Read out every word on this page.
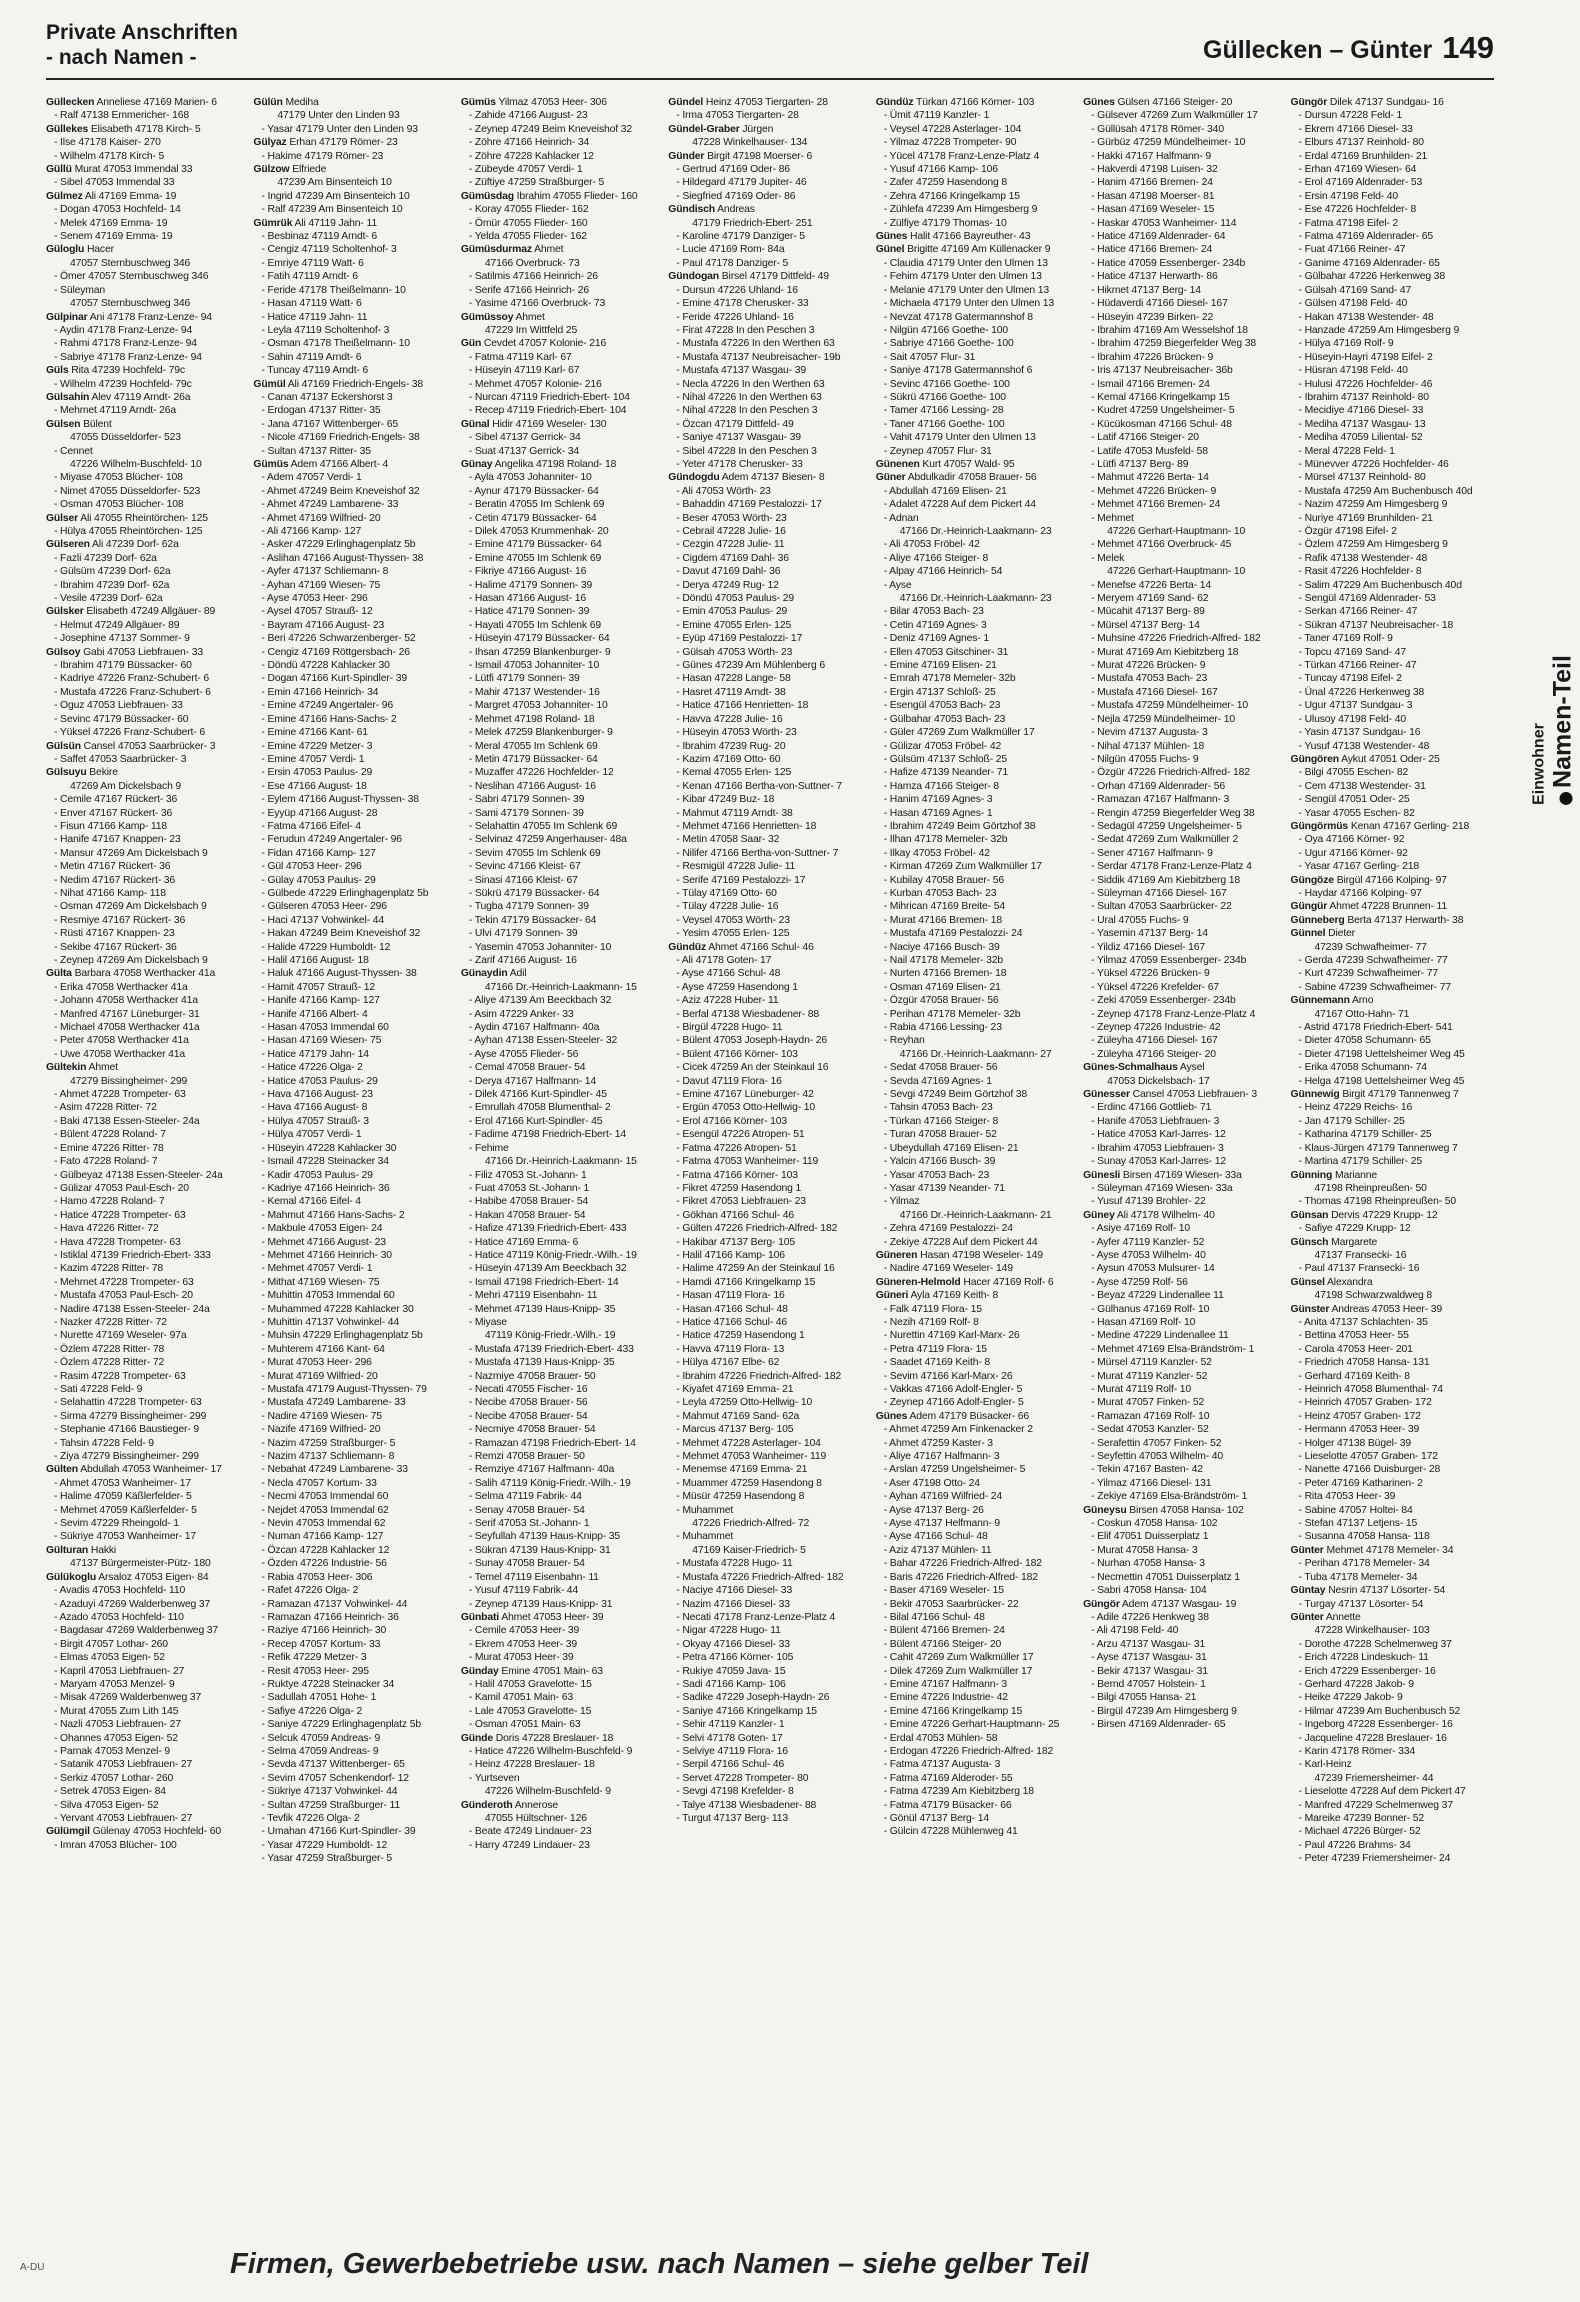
Private Anschriften
- nach Namen -	Güllecken – Günter 149
Güllecken Anneliese 47169 Marien- 6
- Ralf 47138 Emmericher- 168
Güllekes Elisabeth 47178 Kirch- 5
- Ilse 47178 Kaiser- 270
- Wilhelm 47178 Kirch- 5
Güllü Murat 47053 Immendal 33
- Sibel 47053 Immendal 33
Gülmez Ali 47169 Emma- 19
- Dogan 47053 Hochfeld- 14
- Melek 47169 Emma- 19
- Senem 47169 Emma- 19
Güloglu Hacer
47057 Sternbuschweg 346
- Ömer 47057 Sternbuschweg 346
- Süleyman
47057 Sternbuschweg 346
Gülpinar Ani 47178 Franz-Lenze- 94
- Aydin 47178 Franz-Lenze- 94
- Rahmi 47178 Franz-Lenze- 94
- Sabriye 47178 Franz-Lenze- 94
Güls Rita 47239 Hochfeld- 79c
- Wilhelm 47239 Hochfeld- 79c
Gülsahin Alev 47119 Arndt- 26a
- Mehmet 47119 Arndt- 26a
Gülsen Bülent
47055 Düsseldorfer- 523
- Cennet
47226 Wilhelm-Buschfeld- 10
- Miyase 47053 Blücher- 108
- Nimet 47055 Düsseldorfer- 523
- Osman 47053 Blücher- 108
Gülser Ali 47055 Rheintörchen- 125
- Hülya 47055 Rheintörchen- 125
Gülseren Ali 47239 Dorf- 62a
- Fazli 47239 Dorf- 62a
- Gülsüm 47239 Dorf- 62a
- Ibrahim 47239 Dorf- 62a
- Vesile 47239 Dorf- 62a
Gülsker Elisabeth 47249 Allgäuer- 89
- Helmut 47249 Allgäuer- 89
- Josephine 47137 Sommer- 9
Gülsoy Gabi 47053 Liebfrauen- 33
- Ibrahim 47179 Büssacker- 60
- Kadriye 47226 Franz-Schubert- 6
- Mustafa 47226 Franz-Schubert- 6
- Oguz 47053 Liebfrauen- 33
- Sevinc 47179 Büssacker- 60
- Yüksel 47226 Franz-Schubert- 6
Gülsün Cansel 47053 Saarbrücker- 3
- Saffet 47053 Saarbrücker- 3
Gülsuyu Bekire
47269 Am Dickelsbach 9
- Cemile 47167 Rückert- 36
- Enver 47167 Rückert- 36
- Fisun 47166 Kamp- 118
- Hanife 47167 Knappen- 23
- Mansur 47269 Am Dickelsbach 9
- Metin 47167 Rückert- 36
- Nedim 47167 Rückert- 36
- Nihat 47166 Kamp- 118
- Osman 47269 Am Dickelsbach 9
- Resmiye 47167 Rückert- 36
- Rüsti 47167 Knappen- 23
- Sekibe 47167 Rückert- 36
- Zeynep 47269 Am Dickelsbach 9
Gülta Barbara 47058 Werthacker 41a
- Erika 47058 Werthacker 41a
- Johann 47058 Werthacker 41a
- Manfred 47167 Lüneburger- 31
- Michael 47058 Werthacker 41a
- Peter 47058 Werthacker 41a
- Uwe 47058 Werthacker 41a
Gültekin Ahmet
47279 Bissingheimer- 299
- Ahmet 47228 Trompeter- 63
- Asim 47228 Ritter- 72
- Baki 47138 Essen-Steeler- 24a
- Bülent 47228 Roland- 7
- Emine 47226 Ritter- 78
- Fato 47228 Roland- 7
- Gülbeyaz 47138 Essen-Steeler- 24a
- Gülizar 47053 Paul-Esch- 20
- Hamo 47228 Roland- 7
- Hatice 47228 Trompeter- 63
- Hava 47226 Ritter- 72
- Hava 47228 Trompeter- 63
- Istiklal 47139 Friedrich-Ebert- 333
- Kazim 47228 Ritter- 78
- Mehmet 47228 Trompeter- 63
- Mustafa 47053 Paul-Esch- 20
- Nadire 47138 Essen-Steeler- 24a
- Nazker 47228 Ritter- 72
- Nurette 47169 Weseler- 97a
- Özlem 47228 Ritter- 78
- Özlem 47228 Ritter- 72
- Rasim 47228 Trompeter- 63
- Sati 47228 Feld- 9
- Selahattin 47228 Trompeter- 63
- Sirma 47279 Bissingheimer- 299
- Stephanie 47166 Baustieger- 9
- Tahsin 47228 Feld- 9
- Ziya 47279 Bissingheimer- 299
Gülten Abdullah 47053 Wanheimer- 17
- Ahmet 47053 Wanheimer- 17
- Halime 47059 Käßlerfelder- 5
- Mehmet 47059 Käßlerfelder- 5
- Sevim 47229 Rheingold- 1
- Sükriye 47053 Wanheimer- 17
Gülturan Hakki
47137 Bürgermeister-Pütz- 180
Gülükoglu Arsaloz 47053 Eigen- 84
- Avadis 47053 Hochfeld- 110
- Azaduyi 47269 Walderbenweg 37
- Azado 47053 Hochfeld- 110
- Bagdasar 47269 Walderbenweg 37
- Birgit 47057 Lothar- 260
- Elmas 47053 Eigen- 52
- Kapril 47053 Liebfrauen- 27
- Maryam 47053 Menzel- 9
- Misak 47269 Walderbenweg 37
- Murat 47055 Zum Lith 145
- Nazli 47053 Liebfrauen- 27
- Ohannes 47053 Eigen- 52
- Parnak 47053 Menzel- 9
- Satanik 47053 Liebfrauen- 27
- Serkiz 47057 Lothar- 260
- Setrek 47053 Eigen- 84
- Silva 47053 Eigen- 52
- Yervant 47053 Liebfrauen- 27
Gülümgil Gülenay 47053 Hochfeld- 60
- Imran 47053 Blücher- 100
Gülün Mediha
47179 Unter den Linden 93
- Yasar 47179 Unter den Linden 93
Gülyaz Erhan 47179 Römer- 23
- Hakime 47179 Römer- 23
Gülzow Elfriede
47239 Am Binsenteich 10
- Ingrid 47239 Am Binsenteich 10
- Ralf 47239 Am Binsenteich 10
Gümrük Ali 47119 Jahn- 11
- Besbinaz 47119 Arndt- 6
- Cengiz 47119 Scholtenhof- 3
- Emriye 47119 Watt- 6
- Fatih 47119 Arndt- 6
- Feride 47178 Theißelmann- 10
- Hasan 47119 Watt- 6
- Hatice 47119 Jahn- 11
- Leyla 47119 Scholtenhof- 3
- Osman 47178 Theißelmann- 10
- Sahin 47119 Arndt- 6
- Tuncay 47119 Arndt- 6
Gümül Ali 47169 Friedrich-Engels- 38
- Canan 47137 Eckershorst 3
- Erdogan 47137 Ritter- 35
- Jana 47167 Wittenberger- 65
- Nicole 47169 Friedrich-Engels- 38
- Sultan 47137 Ritter- 35
Gümüs Adem 47166 Albert- 4
- Adem 47057 Verdi- 1
- Ahmet 47249 Beim Kneveishof 32
- Ahmet 47249 Lambarene- 33
- Ahmet 47169 Wilfried- 20
- Ali 47166 Kamp- 127
- Asker 47229 Erlinghagenplatz 5b
- Aslihan 47166 August-Thyssen- 38
- Ayfer 47137 Schliemann- 8
- Ayhan 47169 Wiesen- 75
- Ayse 47053 Heer- 296
- Aysel 47057 Strauß- 12
- Bayram 47166 August- 23
- Beri 47226 Schwarzenberger- 52
- Cengiz 47169 Röttgersbach- 26
- Döndü 47228 Kahlacker 30
- Dogan 47166 Kurt-Spindler- 39
- Emin 47166 Heinrich- 34
- Emine 47249 Angertaler- 96
- Emine 47166 Hans-Sachs- 2
- Emine 47166 Kant- 61
- Emine 47229 Metzer- 3
- Emine 47057 Verdi- 1
- Ersin 47053 Paulus- 29
- Ese 47166 August- 18
- Eylem 47166 August-Thyssen- 38
- Eyyüp 47166 August- 28
- Fatma 47166 Eifel- 4
- Ferudun 47249 Angertaler- 96
- Fidan 47166 Kamp- 127
- Gül 47053 Heer- 296
- Gülay 47053 Paulus- 29
- Gülbede 47229 Erlinghagenplatz 5b
- Gülseren 47053 Heer- 296
- Haci 47137 Vohwinkel- 44
- Hakan 47249 Beim Kneveishof 32
- Halide 47229 Humboldt- 12
- Halil 47166 August- 18
- Haluk 47166 August-Thyssen- 38
- Hamit 47057 Strauß- 12
- Hanife 47166 Kamp- 127
- Hanife 47166 Albert- 4
- Hasan 47053 Immendal 60
- Hasan 47169 Wiesen- 75
- Hatice 47179 Jahn- 14
- Hatice 47226 Olga- 2
- Hatice 47053 Paulus- 29
- Hava 47166 August- 23
- Hava 47166 August- 8
- Hülya 47057 Strauß- 3
- Hülya 47057 Verdi- 1
- Hüseyin 47228 Kahlacker 30
- Ismail 47228 Steinacker 34
- Kadir 47053 Paulus- 29
- Kadriye 47166 Heinrich- 36
- Kemal 47166 Eifel- 4
- Mahmut 47166 Hans-Sachs- 2
- Makbule 47053 Eigen- 24
- Mehmet 47166 August- 23
- Mehmet 47166 Heinrich- 30
- Mehmet 47057 Verdi- 1
- Mithat 47169 Wiesen- 75
- Muhittin 47053 Immendal 60
- Muhammed 47228 Kahlacker 30
- Muhittin 47137 Vohwinkel- 44
- Muhsin 47229 Erlinghagenplatz 5b
- Muhterem 47166 Kant- 64
- Murat 47053 Heer- 296
- Murat 47169 Wilfried- 20
- Mustafa 47179 August-Thyssen- 79
- Mustafa 47249 Lambarene- 33
- Nadire 47169 Wiesen- 75
- Nazife 47169 Wilfried- 20
- Nazim 47259 Straßburger- 5
- Nazim 47137 Schliemann- 8
- Nebahat 47249 Lambarene- 33
- Necla 47057 Kortum- 33
- Necmi 47053 Immendal 60
- Nejdet 47053 Immendal 62
- Nevin 47053 Immendal 62
- Numan 47166 Kamp- 127
- Özcan 47228 Kahlacker 12
- Özden 47226 Industrie- 56
- Rabia 47053 Heer- 306
- Rafet 47226 Olga- 2
- Ramazan 47137 Vohwinkel- 44
- Ramazan 47166 Heinrich- 36
- Raziye 47166 Heinrich- 30
- Recep 47057 Kortum- 33
- Refik 47229 Metzer- 3
- Resit 47053 Heer- 295
- Ruktye 47228 Steinacker 34
- Sadullah 47051 Hohe- 1
- Safiye 47226 Olga- 2
- Saniye 47229 Erlinghagenplatz 5b
- Selcuk 47059 Andreas- 9
- Selma 47059 Andreas- 9
- Sevda 47137 Wittenberger- 65
- Sevim 47057 Schenkendorf- 12
- Sükriye 47137 Vohwinkel- 44
- Sultan 47259 Straßburger- 11
- Tevfik 47226 Olga- 2
- Umahan 47166 Kurt-Spindler- 39
- Yasar 47229 Humboldt- 12
- Yasar 47259 Straßburger- 5
Gümüs Yilmaz 47053 Heer- 306
- Zahide 47166 August- 23
- Zeynep 47249 Beim Kneveishof 32
- Zöhre 47166 Heinrich- 34
- Zöhre 47228 Kahlacker 12
- Zübeyde 47057 Verdi- 1
- Züftiye 47259 Straßburger- 5
Gümüsdag Ibrahim 47055 Flieder- 160
- Koray 47055 Flieder- 162
- Ömür 47055 Flieder- 160
- Yelda 47055 Flieder- 162
Gümüsdurmaz Ahmet
47166 Overbruck- 73
- Satilmis 47166 Heinrich- 26
- Serife 47166 Heinrich- 26
- Yasime 47166 Overbruck- 73
Gümüssoy Ahmet
47229 Im Wittfeld 25
Gün Cevdet 47057 Kolonie- 216
- Fatma 47119 Karl- 67
- Hüseyin 47119 Karl- 67
- Mehmet 47057 Kolonie- 216
- Nurcan 47119 Friedrich-Ebert- 104
- Recep 47119 Friedrich-Ebert- 104
Günal Hidir 47169 Weseler- 130
- Sibel 47137 Gerrick- 34
- Suat 47137 Gerrick- 34
Günay Angelika 47198 Roland- 18
- Ayla 47053 Johanniter- 10
- Aynur 47179 Büssacker- 64
- Beratin 47055 Im Schlenk 69
- Cetin 47179 Büssacker- 64
- Dilek 47053 Krummenhak- 20
- Emine 47179 Büssacker- 64
- Emine 47055 Im Schlenk 69
- Fikriye 47166 August- 16
- Halime 47179 Sonnen- 39
- Hasan 47166 August- 16
- Hatice 47179 Sonnen- 39
- Hayati 47055 Im Schlenk 69
- Hüseyin 47179 Büssacker- 64
- Ihsan 47259 Blankenburger- 9
- Ismail 47053 Johanniter- 10
- Lütfi 47179 Sonnen- 39
- Mahir 47137 Westender- 16
- Margret 47053 Johanniter- 10
- Mehmet 47198 Roland- 18
- Melek 47259 Blankenburger- 9
- Meral 47055 Im Schlenk 69
- Metin 47179 Büssacker- 64
- Muzaffer 47226 Hochfelder- 12
- Neslihan 47166 August- 16
- Sabri 47179 Sonnen- 39
- Sami 47179 Sonnen- 39
- Selahattin 47055 Im Schlenk 69
- Selvinaz 47259 Angerhauser- 48a
- Sevim 47055 Im Schlenk 69
- Sevinc 47166 Kleist- 67
- Sinasi 47166 Kleist- 67
- Sükrü 47179 Büssacker- 64
- Tugba 47179 Sonnen- 39
- Tekin 47179 Büssacker- 64
- Ulvi 47179 Sonnen- 39
- Yasemin 47053 Johanniter- 10
- Zarif 47166 August- 16
Günaydin Adil
47166 Dr.-Heinrich-Laakmann- 15
- Aliye 47139 Am Beeckbach 32
- Asim 47229 Anker- 33
- Aydin 47167 Halfmann- 40a
- Ayhan 47138 Essen-Steeler- 32
- Ayse 47055 Flieder- 56
- Cemal 47058 Brauer- 54
- Derya 47167 Halfmann- 14
- Dilek 47166 Kurt-Spindler- 45
- Emrullah 47058 Blumenthal- 2
- Erol 47166 Kurt-Spindler- 45
- Fadime 47198 Friedrich-Ebert- 14
- Fehime
47166 Dr.-Heinrich-Laakmann- 15
- Filiz 47053 St.-Johann- 1
- Fuat 47053 St.-Johann- 1
- Habibe 47058 Brauer- 54
- Hakan 47058 Brauer- 54
- Hafize 47139 Friedrich-Ebert- 433
- Hatice 47169 Emma- 6
- Hatice 47119 König-Friedr.-Wilh.- 19
- Hüseyin 47139 Am Beeckbach 32
- Ismail 47198 Friedrich-Ebert- 14
- Mehri 47119 Eisenbahn- 11
- Mehmet 47139 Haus-Knipp- 35
- Miyase
47119 König-Friedr.-Wilh.- 19
- Mustafa 47139 Friedrich-Ebert- 433
- Mustafa 47139 Haus-Knipp- 35
- Nazmiye 47058 Brauer- 50
- Necati 47055 Fischer- 16
- Necibe 47058 Brauer- 56
- Necibe 47058 Brauer- 54
- Necmiye 47058 Brauer- 54
- Ramazan 47198 Friedrich-Ebert- 14
- Remzi 47058 Brauer- 50
- Remziye 47167 Halfmann- 40a
- Salih 47119 König-Friedr.-Wilh.- 19
- Selma 47119 Fabrik- 44
- Senay 47058 Brauer- 54
- Serif 47053 St.-Johann- 1
- Seyfullah 47139 Haus-Knipp- 35
- Sükran 47139 Haus-Knipp- 31
- Sunay 47058 Brauer- 54
- Temel 47119 Eisenbahn- 11
- Yusuf 47119 Fabrik- 44
- Zeynep 47139 Haus-Knipp- 31
Günbati Ahmet 47053 Heer- 39
- Cemile 47053 Heer- 39
- Ekrem 47053 Heer- 39
- Murat 47053 Heer- 39
Günday Emine 47051 Main- 63
- Halil 47053 Gravelotte- 15
- Kamil 47051 Main- 63
- Lale 47053 Gravelotte- 15
- Osman 47051 Main- 63
Günde Doris 47228 Breslauer- 18
- Hatice 47226 Wilhelm-Buschfeld- 9
- Heinz 47228 Breslauer- 18
- Yurtseven
47226 Wilhelm-Buschfeld- 9
Günderoth Annerose
47055 Hültschner- 126
- Beate 47249 Lindauer- 23
- Harry 47249 Lindauer- 23
Gündel Heinz 47053 Tiergarten- 28
- Irma 47053 Tiergarten- 28
Gündel-Graber Jürgen
47228 Winkelhauser- 134
Günder Birgit 47198 Moerser- 6
- Gertrud 47169 Oder- 86
- Hildegard 47179 Jupiter- 46
- Siegfried 47169 Oder- 86
Gündisch Andreas
47179 Friedrich-Ebert- 251
- Karoline 47179 Danziger- 5
- Lucie 47169 Rom- 84a
- Paul 47178 Danziger- 5
Gündogan Birsel 47179 Dittfeld- 49
- Dursun 47226 Uhland- 16
- Emine 47178 Cherusker- 33
- Feride 47226 Uhland- 16
- Firat 47228 In den Peschen 3
- Mustafa 47226 In den Werthen 63
- Mustafa 47137 Neubreisacher- 19b
- Mustafa 47137 Wasgau- 39
- Necla 47226 In den Werthen 63
- Nihal 47226 In den Werthen 63
- Nihal 47228 In den Peschen 3
- Özcan 47179 Dittfeld- 49
- Saniye 47137 Wasgau- 39
- Sibel 47228 In den Peschen 3
- Yeter 47178 Cherusker- 33
Gündogdu Adem 47137 Biesen- 8
- Ali 47053 Wörth- 23
- Bahaddin 47169 Pestalozzi- 17
- Beser 47053 Wörth- 23
- Cebrail 47228 Julie- 16
- Cezgin 47228 Julie- 11
- Cigdem 47169 Dahl- 36
- Davut 47169 Dahl- 36
- Derya 47249 Rug- 12
- Döndü 47053 Paulus- 29
- Emin 47053 Paulus- 29
- Emine 47055 Erlen- 125
- Eyüp 47169 Pestalozzi- 17
- Gülsah 47053 Wörth- 23
- Günes 47239 Am Mühlenberg 6
- Hasan 47228 Lange- 58
- Hasret 47119 Arndt- 38
- Hatice 47166 Henrietten- 18
- Havva 47228 Julie- 16
- Hüseyin 47053 Wörth- 23
- Ibrahim 47239 Rug- 20
- Kazim 47169 Otto- 60
- Kemal 47055 Erlen- 125
- Kenan 47166 Bertha-von-Suttner- 7
- Kibar 47249 Buz- 18
- Mahmut 47119 Arndt- 38
- Mehmet 47166 Henrietten- 18
- Metin 47058 Saar- 32
- Nilifer 47166 Bertha-von-Suttner- 7
- Resmigül 47228 Julie- 11
- Serife 47169 Pestalozzi- 17
- Tülay 47169 Otto- 60
- Tülay 47228 Julie- 16
- Veysel 47053 Wörth- 23
- Yesim 47055 Erlen- 125
Gündüz Ahmet 47166 Schul- 46
- Ali 47178 Goten- 17
- Ayse 47166 Schul- 48
- Ayse 47259 Hasendong 1
- Aziz 47228 Huber- 11
- Berfal 47138 Wiesbadener- 88
- Birgül 47228 Hugo- 11
- Bülent 47053 Joseph-Haydn- 26
- Bülent 47166 Körner- 103
- Cicek 47259 An der Steinkaul 16
- Davut 47119 Flora- 16
- Emine 47167 Lüneburger- 42
- Ergün 47053 Otto-Hellwig- 10
- Erol 47166 Körner- 103
- Esengül 47226 Atropen- 51
- Fatma 47226 Atropen- 51
- Fatma 47053 Wanheimer- 119
- Fatma 47166 Körner- 103
- Fikret 47259 Hasendong 1
- Fikret 47053 Liebfrauen- 23
- Gökhan 47166 Schul- 46
- Gülten 47226 Friedrich-Alfred- 182
- Hakibar 47137 Berg- 105
- Halil 47166 Kamp- 106
- Halime 47259 An der Steinkaul 16
- Hamdi 47166 Kringelkamp 15
- Hasan 47119 Flora- 16
- Hasan 47166 Schul- 48
- Hatice 47166 Schul- 46
- Hatice 47259 Hasendong 1
- Havva 47119 Flora- 13
- Hülya 47167 Elbe- 62
- Ibrahim 47226 Friedrich-Alfred- 182
- Kiyafet 47169 Emma- 21
- Leyla 47259 Otto-Hellwig- 10
- Mahmut 47169 Sand- 62a
- Marcus 47137 Berg- 105
- Mehmet 47228 Asterlager- 104
- Mehmet 47053 Wanheimer- 119
- Menemse 47169 Emma- 21
- Muammer 47259 Hasendong 8
- Müsür 47259 Hasendong 8
- Muhammet
47226 Friedrich-Alfred- 72
- Muhammet
47169 Kaiser-Friedrich- 5
- Mustafa 47228 Hugo- 11
- Mustafa 47226 Friedrich-Alfred- 182
- Naciye 47166 Diesel- 33
- Nazim 47166 Diesel- 33
- Necati 47178 Franz-Lenze-Platz 4
- Nigar 47228 Hugo- 11
- Okyay 47166 Diesel- 33
- Petra 47166 Körner- 105
- Rukiye 47059 Java- 15
- Sadi 47166 Kamp- 106
- Sadike 47229 Joseph-Haydn- 26
- Saniye 47166 Kringelkamp 15
- Sehir 47119 Kanzler- 1
- Selvi 47178 Goten- 17
- Selviye 47119 Flora- 16
- Serpil 47166 Schul- 46
- Servet 47228 Trompeter- 80
- Sevgi 47198 Krefelder- 8
- Talye 47138 Wiesbadener- 88
- Turgut 47137 Berg- 113
Gündüz Türkan 47166 Körner- 103
- Ümit 47119 Kanzler- 1
- Veysel 47228 Asterlager- 104
- Yilmaz 47228 Trompeter- 90
- Yücel 47178 Franz-Lenze-Platz 4
- Yusuf 47166 Kamp- 106
- Zafer 47259 Hasendong 8
- Zehra 47166 Kringelkamp 15
- Zühlefa 47239 Am Himgesberg 9
- Zülfiye 47179 Thomas- 10
Günes Halit 47166 Bayreuther- 43
Günel Brigitte 47169 Am Küllenacker 9
- Claudia 47179 Unter den Ulmen 13
- Fehim 47179 Unter den Ulmen 13
- Melanie 47179 Unter den Ulmen 13
- Michaela 47179 Unter den Ulmen 13
- Nevzat 47178 Gatermannshof 8
- Nilgün 47166 Goethe- 100
- Sabriye 47166 Goethe- 100
- Sait 47057 Flur- 31
- Saniye 47178 Gatermannshof 6
- Sevinc 47166 Goethe- 100
- Sükrü 47166 Goethe- 100
- Tamer 47166 Lessing- 28
- Taner 47166 Goethe- 100
- Vahit 47179 Unter den Ulmen 13
- Zeynep 47057 Flur- 31
Günenen Kurt 47057 Wald- 95
Güner Abdulkadir 47058 Brauer- 56
- Abdullah 47169 Elisen- 21
- Adalet 47228 Auf dem Pickert 44
- Adnan
47166 Dr.-Heinrich-Laakmann- 23
- Ali 47053 Fröbel- 42
- Aliye 47166 Steiger- 8
- Alpay 47166 Heinrich- 54
- Ayse
47166 Dr.-Heinrich-Laakmann- 23
- Bilar 47053 Bach- 23
- Cetin 47169 Agnes- 3
- Deniz 47169 Agnes- 1
- Ellen 47053 Gitschiner- 31
- Emine 47169 Elisen- 21
- Emrah 47178 Memeler- 32b
- Ergin 47137 Schloß- 25
- Esengül 47053 Bach- 23
- Gülbahar 47053 Bach- 23
- Güler 47269 Zum Walkmüller 17
- Gülizar 47053 Fröbel- 42
- Gülsüm 47137 Schloß- 25
- Hafize 47139 Neander- 71
- Hamza 47166 Steiger- 8
- Hanim 47169 Agnes- 3
- Hasan 47169 Agnes- 1
- Ibrahim 47249 Beim Görtzhof 38
- Ilhan 47178 Memeler- 32b
- Ilkay 47053 Fröbel- 42
- Kirman 47269 Zum Walkmüller 17
- Kubilay 47058 Brauer- 56
- Kurban 47053 Bach- 23
- Mihrican 47169 Breite- 54
- Murat 47166 Bremen- 18
- Mustafa 47169 Pestalozzi- 24
- Naciye 47166 Busch- 39
- Nail 47178 Memeler- 32b
- Nurten 47166 Bremen- 18
- Osman 47169 Elisen- 21
- Özgür 47058 Brauer- 56
- Perihan 47178 Memeler- 32b
- Rabia 47166 Lessing- 23
- Reyhan
47166 Dr.-Heinrich-Laakmann- 27
- Sedat 47058 Brauer- 56
- Sevda 47169 Agnes- 1
- Sevgi 47249 Beim Görtzhof 38
- Tahsin 47053 Bach- 23
- Türkan 47166 Steiger- 8
- Turan 47058 Brauer- 52
- Ubeydullah 47169 Elisen- 21
- Yalcin 47166 Busch- 39
- Yasar 47053 Bach- 23
- Yasar 47139 Neander- 71
- Yilmaz
47166 Dr.-Heinrich-Laakmann- 21
- Zehra 47169 Pestalozzi- 24
- Zekiye 47228 Auf dem Pickert 44
Güneren Hasan 47198 Weseler- 149
- Nadire 47169 Weseler- 149
Güneren-Helmold Hacer 47169 Rolf- 6
Güneri Ayla 47169 Keith- 8
- Falk 47119 Flora- 15
- Nezih 47169 Rolf- 8
- Nurettin 47169 Karl-Marx- 26
- Petra 47119 Flora- 15
- Saadet 47169 Keith- 8
- Sevim 47166 Karl-Marx- 26
- Vakkas 47166 Adolf-Engler- 5
- Zeynep 47166 Adolf-Engler- 5
Günes Adem 47179 Büsacker- 66
- Ahmet 47259 Am Finkenacker 2
- Ahmet 47259 Kaster- 3
- Aliye 47167 Halfmann- 3
- Arslan 47259 Ungelsheimer- 5
- Aser 47198 Otto- 24
- Ayhan 47169 Wilfried- 24
- Ayse 47137 Berg- 26
- Ayse 47137 Helfmann- 9
- Ayse 47166 Schul- 48
- Aziz 47137 Mühlen- 11
- Bahar 47226 Friedrich-Alfred- 182
- Baris 47226 Friedrich-Alfred- 182
- Baser 47169 Weseler- 15
- Bekir 47053 Saarbrücker- 22
- Bilal 47166 Schul- 48
- Bülent 47166 Bremen- 24
- Bülent 47166 Steiger- 20
- Cahit 47269 Zum Walkmüller 17
- Dilek 47269 Zum Walkmüller 17
- Emine 47167 Halfmann- 3
- Emine 47226 Industrie- 42
- Emine 47166 Kringelkamp 15
- Emine 47226 Gerhart-Hauptmann- 25
- Erdal 47053 Mühlen- 58
- Erdogan 47226 Friedrich-Alfred- 182
- Fatma 47137 Augusta- 3
- Fatma 47169 Alderoder- 55
- Fatma 47239 Am Kiebitzberg 18
- Fatma 47179 Büsacker- 66
- Gönül 47137 Berg- 14
- Gülcin 47228 Mühlenweg 41
Günes Gülsen 47166 Steiger- 20
- Gülsever 47269 Zum Walkmüller 17
- Güllüsah 47178 Römer- 340
- Gürbüz 47259 Mündelheimer- 10
- Hakki 47167 Halfmann- 9
- Hakverdi 47198 Luisen- 32
- Hanim 47166 Bremen- 24
- Hasan 47198 Moerser- 81
- Hasan 47169 Weseler- 15
- Haskar 47053 Wanheimer- 114
- Hatice 47169 Aldenrader- 64
- Hatice 47166 Bremen- 24
- Hatice 47059 Essenberger- 234b
- Hatice 47137 Herwarth- 86
- Hikmet 47137 Berg- 14
- Hüdaverdi 47166 Diesel- 167
- Hüseyin 47239 Birken- 22
- Ibrahim 47169 Am Wesselshof 18
- Ibrahim 47259 Biegerfelder Weg 38
- Ibrahim 47226 Brücken- 9
- Iris 47137 Neubreisacher- 36b
- Ismail 47166 Bremen- 24
- Kemal 47166 Kringelkamp 15
- Kudret 47259 Ungelsheimer- 5
- Kücükosman 47166 Schul- 48
- Latif 47166 Steiger- 20
- Latife 47053 Musfeld- 58
- Lütfi 47137 Berg- 89
- Mahmut 47226 Berta- 14
- Mehmet 47226 Brücken- 9
- Mehmet 47166 Bremen- 24
- Mehmet
47226 Gerhart-Hauptmann- 10
- Mehmet 47166 Overbruck- 45
- Melek
47226 Gerhart-Hauptmann- 10
- Menefse 47226 Berta- 14
- Meryem 47169 Sand- 62
- Mücahit 47137 Berg- 89
- Mürsel 47137 Berg- 14
- Muhsine 47226 Friedrich-Alfred- 182
- Murat 47169 Am Kiebitzberg 18
- Murat 47226 Brücken- 9
- Mustafa 47053 Bach- 23
- Mustafa 47166 Diesel- 167
- Mustafa 47259 Mündelheimer- 10
- Nejla 47259 Mündelheimer- 10
- Nevim 47137 Augusta- 3
- Nihal 47137 Mühlen- 18
- Nilgün 47055 Fuchs- 9
- Özgür 47226 Friedrich-Alfred- 182
- Orhan 47169 Aldenrader- 56
- Ramazan 47167 Halfmann- 3
- Rengin 47259 Biegerfelder Weg 38
- Sedagül 47259 Ungelsheimer- 5
- Sedat 47269 Zum Walkmüller 2
- Sener 47167 Halfmann- 9
- Serdar 47178 Franz-Lenze-Platz 4
- Siddik 47169 Am Kiebitzberg 18
- Süleyman 47166 Diesel- 167
- Sultan 47053 Saarbrücker- 22
- Ural 47055 Fuchs- 9
- Yasemin 47137 Berg- 14
- Yildiz 47166 Diesel- 167
- Yilmaz 47059 Essenberger- 234b
- Yüksel 47226 Brücken- 9
- Yüksel 47226 Krefelder- 67
- Zeki 47059 Essenberger- 234b
- Zeynep 47178 Franz-Lenze-Platz 4
- Zeynep 47226 Industrie- 42
- Züleyha 47166 Diesel- 167
- Züleyha 47166 Steiger- 20
Günes-Schmalhaus Aysel
47053 Dickelsbach- 17
Günesser Cansel 47053 Liebfrauen- 3
- Erdinc 47166 Gottlieb- 71
- Hanife 47053 Liebfrauen- 3
- Hatice 47053 Karl-Jarres- 12
- Ibrahim 47053 Liebfrauen- 3
- Sunay 47053 Karl-Jarres- 12
Günesli Birsen 47169 Wiesen- 33a
- Süleyman 47169 Wiesen- 33a
- Yusuf 47139 Brohler- 22
Güney Ali 47178 Wilhelm- 40
- Asiye 47169 Rolf- 10
- Ayfer 47119 Kanzler- 52
- Ayse 47053 Wilhelm- 40
- Aysun 47053 Mulsurer- 14
- Ayse 47259 Rolf- 56
- Beyaz 47229 Lindenallee 11
- Gülhanus 47169 Rolf- 10
- Hasan 47169 Rolf- 10
- Medine 47229 Lindenallee 11
- Mehmet 47169 Elsa-Brändström- 1
- Mürsel 47119 Kanzler- 52
- Murat 47119 Kanzler- 52
- Murat 47119 Rolf- 10
- Murat 47057 Finken- 52
- Ramazan 47169 Rolf- 10
- Sedat 47053 Kanzler- 52
- Serafettin 47057 Finken- 52
- Seyfettin 47053 Wilhelm- 40
- Tekin 47167 Basten- 42
- Yilmaz 47166 Diesel- 131
- Zekiye 47169 Elsa-Brändström- 1
Güneysu Birsen 47058 Hansa- 102
- Coskun 47058 Hansa- 102
- Elif 47051 Duisserplatz 1
- Murat 47058 Hansa- 3
- Nurhan 47058 Hansa- 3
- Necmettin 47051 Duisserplatz 1
- Sabri 47058 Hansa- 104
Güngör Adem 47137 Wasgau- 19
- Adile 47226 Henkweg 38
- Ali 47198 Feld- 40
- Arzu 47137 Wasgau- 31
- Ayse 47137 Wasgau- 31
- Bekir 47137 Wasgau- 31
- Bernd 47057 Holstein- 1
- Bilgi 47055 Hansa- 21
- Birgül 47239 Am Himgesberg 9
- Birsen 47169 Aldenrader- 65
Güngör Dilek 47137 Sundgau- 16
- Dursun 47228 Feld- 1
- Ekrem 47166 Diesel- 33
- Elburs 47137 Reinhold- 80
- Erdal 47169 Brunhilden- 21
- Erhan 47169 Wiesen- 64
- Erol 47169 Aldenrader- 53
- Ersin 47198 Feld- 40
- Ese 47226 Hochfelder- 8
- Fatma 47198 Eifel- 2
- Fatma 47169 Aldenrader- 65
- Fuat 47166 Reiner- 47
- Ganime 47169 Aldenrader- 65
- Gülbahar 47226 Herkenweg 38
- Gülsah 47169 Sand- 47
- Gülsen 47198 Feld- 40
- Hakan 47138 Westender- 48
- Hanzade 47259 Am Himgesberg 9
- Hülya 47169 Rolf- 9
- Hüseyin-Hayri 47198 Eifel- 2
- Hüsran 47198 Feld- 40
- Hulusi 47226 Hochfelder- 46
- Ibrahim 47137 Reinhold- 80
- Mecidiye 47166 Diesel- 33
- Mediha 47137 Wasgau- 13
- Mediha 47059 Liliental- 52
- Meral 47228 Feld- 1
- Münevver 47226 Hochfelder- 46
- Mürsel 47137 Reinhold- 80
- Mustafa 47259 Am Buchenbusch 40d
- Nazim 47259 Am Himgesberg 9
- Nuriye 47169 Brunhilden- 21
- Özgür 47198 Eifel- 2
- Özlem 47259 Am Himgesberg 9
- Rafik 47138 Westender- 48
- Rasit 47226 Hochfelder- 8
- Salim 47229 Am Buchenbusch 40d
- Sengül 47169 Aldenrader- 53
- Serkan 47166 Reiner- 47
- Sükran 47137 Neubreisacher- 18
- Taner 47169 Rolf- 9
- Topcu 47169 Sand- 47
- Türkan 47166 Reiner- 47
- Tuncay 47198 Eifel- 2
- Ünal 47226 Herkenweg 38
- Ugur 47137 Sundgau- 3
- Ulusoy 47198 Feld- 40
- Yasin 47137 Sundgau- 16
- Yusuf 47138 Westender- 48
Güngören Aykut 47051 Oder- 25
- Bilgi 47055 Eschen- 82
- Cem 47138 Westender- 31
- Sengül 47051 Oder- 25
- Yasar 47055 Eschen- 82
Güngörmüs Kenan 47167 Gerling- 218
- Oya 47166 Körner- 92
- Ugur 47166 Körner- 92
- Yasar 47167 Gerling- 218
Güngöze Birgül 47166 Kolping- 97
- Haydar 47166 Kolping- 97
Güngür Ahmet 47228 Brunnen- 11
Günneberg Berta 47137 Herwarth- 38
Günnel Dieter
47239 Schwafheimer- 77
- Gerda 47239 Schwafheimer- 77
- Kurt 47239 Schwafheimer- 77
- Sabine 47239 Schwafheimer- 77
Günnemann Arno
47167 Otto-Hahn- 71
- Astrid 47178 Friedrich-Ebert- 541
- Dieter 47058 Schumann- 65
- Dieter 47198 Uettelsheimer Weg 45
- Erika 47058 Schumann- 74
- Helga 47198 Uettelsheimer Weg 45
Günnewig Birgit 47179 Tannenweg 7
- Heinz 47229 Reichs- 16
- Jan 47179 Schiller- 25
- Katharina 47179 Schiller- 25
- Klaus-Jürgen 47179 Tannenweg 7
- Martina 47179 Schiller- 25
Günning Marianne
47198 Rheinpreußen- 50
- Thomas 47198 Rheinpreußen- 50
Günsan Dervis 47229 Krupp- 12
- Safiye 47229 Krupp- 12
Günsch Margarete
47137 Fransecki- 16
- Paul 47137 Fransecki- 16
Günsel Alexandra
47198 Schwarzwaldweg 8
Günster Andreas 47053 Heer- 39
- Anita 47137 Schlachten- 35
- Bettina 47053 Heer- 55
- Carola 47053 Heer- 201
- Friedrich 47058 Hansa- 131
- Gerhard 47169 Keith- 8
- Heinrich 47058 Blumenthal- 74
- Heinrich 47057 Graben- 172
- Heinz 47057 Graben- 172
- Hermann 47053 Heer- 39
- Holger 47138 Bügel- 39
- Lieselotte 47057 Graben- 172
- Nanette 47166 Duisburger- 28
- Peter 47169 Katharinen- 2
- Rita 47053 Heer- 39
- Sabine 47057 Holtei- 84
- Stefan 47137 Letjens- 15
- Susanna 47058 Hansa- 118
Günter Mehmet 47178 Memeler- 34
- Perihan 47178 Memeler- 34
- Tuba 47178 Memeler- 34
Güntay Nesrin 47137 Lösorter- 54
- Turgay 47137 Lösorter- 54
Günter Annette
47228 Winkelhauser- 103
- Dorothe 47228 Schelmenweg 37
- Erich 47228 Lindeskuch- 11
- Erich 47229 Essenberger- 16
- Gerhard 47228 Jakob- 9
- Heike 47229 Jakob- 9
- Hilmar 47239 Am Buchenbusch 52
- Ingeborg 47228 Essenberger- 16
- Jacqueline 47228 Breslauer- 16
- Karin 47178 Römer- 334
- Karl-Heinz
47239 Friemersheimer- 44
- Lieselotte 47228 Auf dem Pickert 47
- Manfred 47229 Schelmenweg 37
- Mareike 47239 Bonner- 52
- Michael 47226 Bürger- 52
- Paul 47226 Brahms- 34
- Peter 47239 Friemersheimer- 24
Einwohner
Namen-Teil
A-DU	Firmen, Gewerbebetriebe usw. nach Namen – siehe gelber Teil
